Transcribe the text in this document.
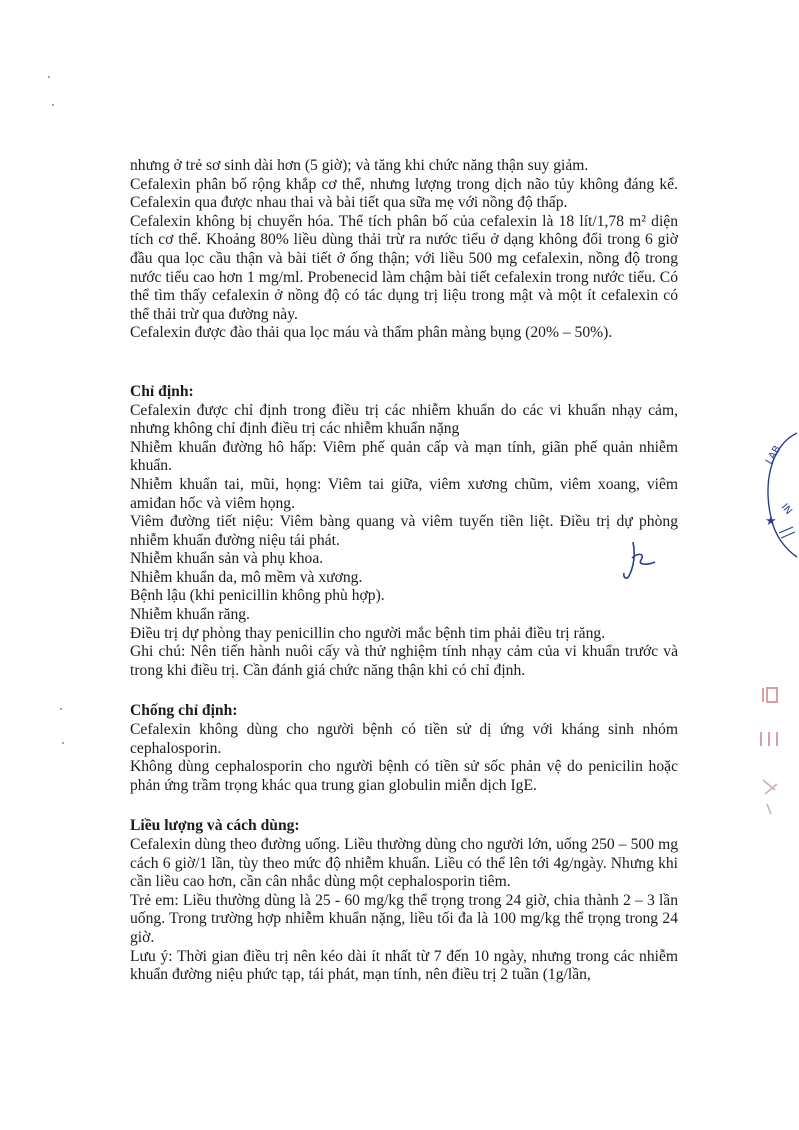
nhưng ở trẻ sơ sinh dài hơn (5 giờ); và tăng khi chức năng thận suy giảm.

Cefalexin phân bố rộng khắp cơ thể, nhưng lượng trong dịch não tủy không đáng kể. Cefalexin qua được nhau thai và bài tiết qua sữa mẹ với nồng độ thấp.

Cefalexin không bị chuyển hóa. Thể tích phân bố của cefalexin là 18 lít/1,78 m² diện tích cơ thể. Khoảng 80% liều dùng thải trừ ra nước tiểu ở dạng không đổi trong 6 giờ đầu qua lọc cầu thận và bài tiết ở ống thận; với liều 500 mg cefalexin, nồng độ trong nước tiểu cao hơn 1 mg/ml. Probenecid làm chậm bài tiết cefalexin trong nước tiểu. Có thể tìm thấy cefalexin ở nồng độ có tác dụng trị liệu trong mật và một ít cefalexin có thể thải trừ qua đường này.

Cefalexin được đào thải qua lọc máu và thẩm phân màng bụng (20% – 50%).

Chỉ định:

Cefalexin được chỉ định trong điều trị các nhiễm khuẩn do các vi khuẩn nhạy cảm, nhưng không chỉ định điều trị các nhiễm khuẩn nặng

Nhiễm khuẩn đường hô hấp: Viêm phế quản cấp và mạn tính, giãn phế quản nhiễm khuẩn.

Nhiễm khuẩn tai, mũi, họng: Viêm tai giữa, viêm xương chũm, viêm xoang, viêm amiđan hốc và viêm họng.

Viêm đường tiết niệu: Viêm bàng quang và viêm tuyến tiền liệt. Điều trị dự phòng nhiễm khuẩn đường niệu tái phát.

Nhiễm khuẩn sản và phụ khoa.

Nhiễm khuẩn da, mô mềm và xương.

Bệnh lậu (khi penicillin không phù hợp).

Nhiễm khuẩn răng.

Điều trị dự phòng thay penicillin cho người mắc bệnh tim phải điều trị răng.

Ghi chú: Nên tiến hành nuôi cấy và thử nghiệm tính nhạy cảm của vi khuẩn trước và trong khi điều trị. Cần đánh giá chức năng thận khi có chỉ định.

Chống chỉ định:

Cefalexin không dùng cho người bệnh có tiền sử dị ứng với kháng sinh nhóm cephalosporin.

Không dùng cephalosporin cho người bệnh có tiền sử sốc phản vệ do penicilin hoặc phản ứng trầm trọng khác qua trung gian globulin miễn dịch IgE.

Liều lượng và cách dùng:

Cefalexin dùng theo đường uống. Liều thường dùng cho người lớn, uống 250 – 500 mg cách 6 giờ/1 lần, tùy theo mức độ nhiễm khuẩn. Liều có thể lên tới 4g/ngày. Nhưng khi cần liều cao hơn, cần cân nhắc dùng một cephalosporin tiêm.

Trẻ em: Liều thường dùng là 25 - 60 mg/kg thể trọng trong 24 giờ, chia thành 2 – 3 lần uống. Trong trường hợp nhiễm khuẩn nặng, liều tối đa là 100 mg/kg thể trọng trong 24 giờ.

Lưu ý: Thời gian điều trị nên kéo dài ít nhất từ 7 đến 10 ngày, nhưng trong các nhiễm khuẩn đường niệu phức tạp, tái phát, mạn tính, nên điều trị 2 tuần (1g/lần,

LAB
IN
★
